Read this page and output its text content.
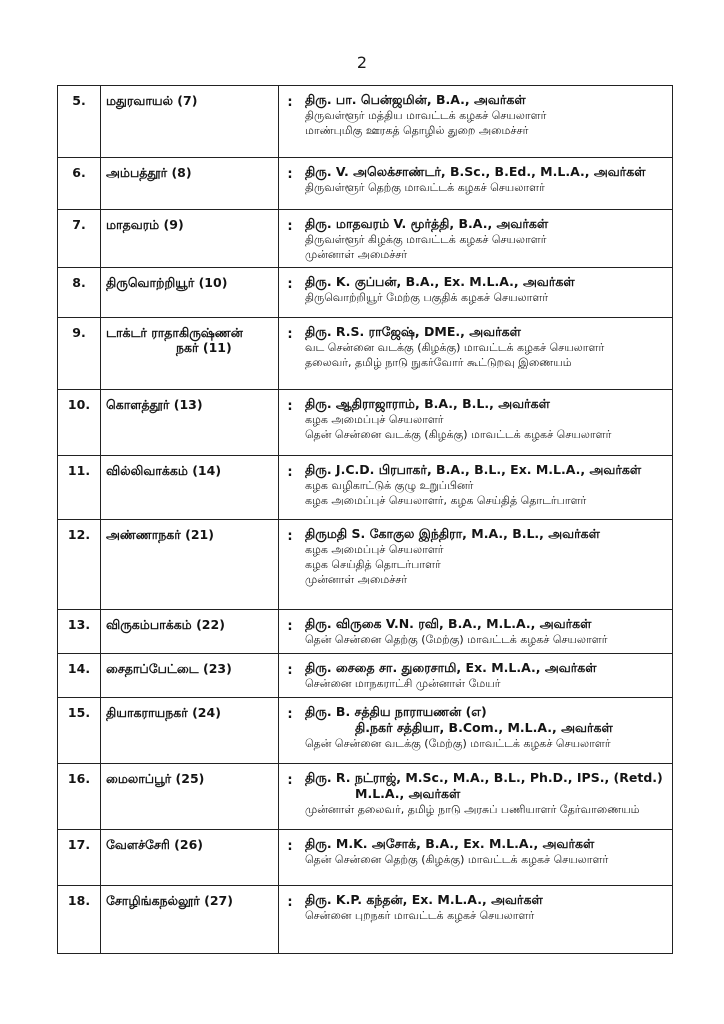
2
5.	மதுரவாயல் (7)	:	திரு. பா. பென்ஜமின், B.A., அவர்கள்
திருவள்ளூர் மத்திய மாவட்டக் கழகச் செயலாளர்
மாண்புமிகு ஊரகத் தொழில் துறை அமைச்சர்

6.	அம்பத்தூர் (8)	:	திரு. V. அலெக்சாண்டர், B.Sc., B.Ed., M.L.A., அவர்கள்
திருவள்ளூர் தெற்கு மாவட்டக் கழகச் செயலாளர்

7.	மாதவரம் (9)	:	திரு. மாதவரம் V. மூர்த்தி, B.A., அவர்கள்
திருவள்ளூர் கிழக்கு மாவட்டக் கழகச் செயலாளர்
முன்னாள் அமைச்சர்

8.	திருவொற்றியூர் (10)	:	திரு. K. குப்பன், B.A., Ex. M.L.A., அவர்கள்
திருவொற்றியூர் மேற்கு பகுதிக் கழகச் செயலாளர்

9.	டாக்டர் ராதாகிருஷ்ணன்
நகர் (11)	:	திரு. R.S. ராஜேஷ், DME., அவர்கள்
வட சென்னை வடக்கு (கிழக்கு) மாவட்டக் கழகச் செயலாளர்
தலைவர், தமிழ் நாடு நுகர்வோர் கூட்டுறவு இணையம்

10.	கொளத்தூர் (13)	:	திரு. ஆதிராஜாராம், B.A., B.L., அவர்கள்
கழக அமைப்புச் செயலாளர்
தென் சென்னை வடக்கு (கிழக்கு) மாவட்டக் கழகச் செயலாளர்

11.	வில்லிவாக்கம் (14)	:	திரு. J.C.D. பிரபாகர், B.A., B.L., Ex. M.L.A., அவர்கள்
கழக வழிகாட்டுக் குழு உறுப்பினர்
கழக அமைப்புச் செயலாளர், கழக செய்தித் தொடர்பாளர்

12.	அண்ணாநகர் (21)	:	திருமதி S. கோகுல இந்திரா, M.A., B.L., அவர்கள்
கழக அமைப்புச் செயலாளர்
கழக செய்தித் தொடர்பாளர்
முன்னாள் அமைச்சர்

13.	விருகம்பாக்கம் (22)	:	திரு. விருகை V.N. ரவி, B.A., M.L.A., அவர்கள்
தென் சென்னை தெற்கு (மேற்கு) மாவட்டக் கழகச் செயலாளர்

14.	சைதாப்பேட்டை (23)	:	திரு. சைதை சா. துரைசாமி, Ex. M.L.A., அவர்கள்
சென்னை மாநகராட்சி முன்னாள் மேயர்

15.	தியாகராயநகர் (24)	:	திரு. B. சத்திய நாராயணன் (எ)
தி.நகர் சத்தியா, B.Com., M.L.A., அவர்கள்
தென் சென்னை வடக்கு (மேற்கு) மாவட்டக் கழகச் செயலாளர்

16.	மைலாப்பூர் (25)	:	திரு. R. நட்ராஜ், M.Sc., M.A., B.L., Ph.D., IPS., (Retd.)
M.L.A., அவர்கள்
முன்னாள் தலைவர், தமிழ் நாடு அரசுப் பணியாளர் தேர்வாணையம்

17.	வேளச்சேரி (26)	:	திரு. M.K. அசோக், B.A., Ex. M.L.A., அவர்கள்
தென் சென்னை தெற்கு (கிழக்கு) மாவட்டக் கழகச் செயலாளர்

18.	சோழிங்கநல்லூர் (27)	:	திரு. K.P. கந்தன், Ex. M.L.A., அவர்கள்
சென்னை புறநகர் மாவட்டக் கழகச் செயலாளர்
